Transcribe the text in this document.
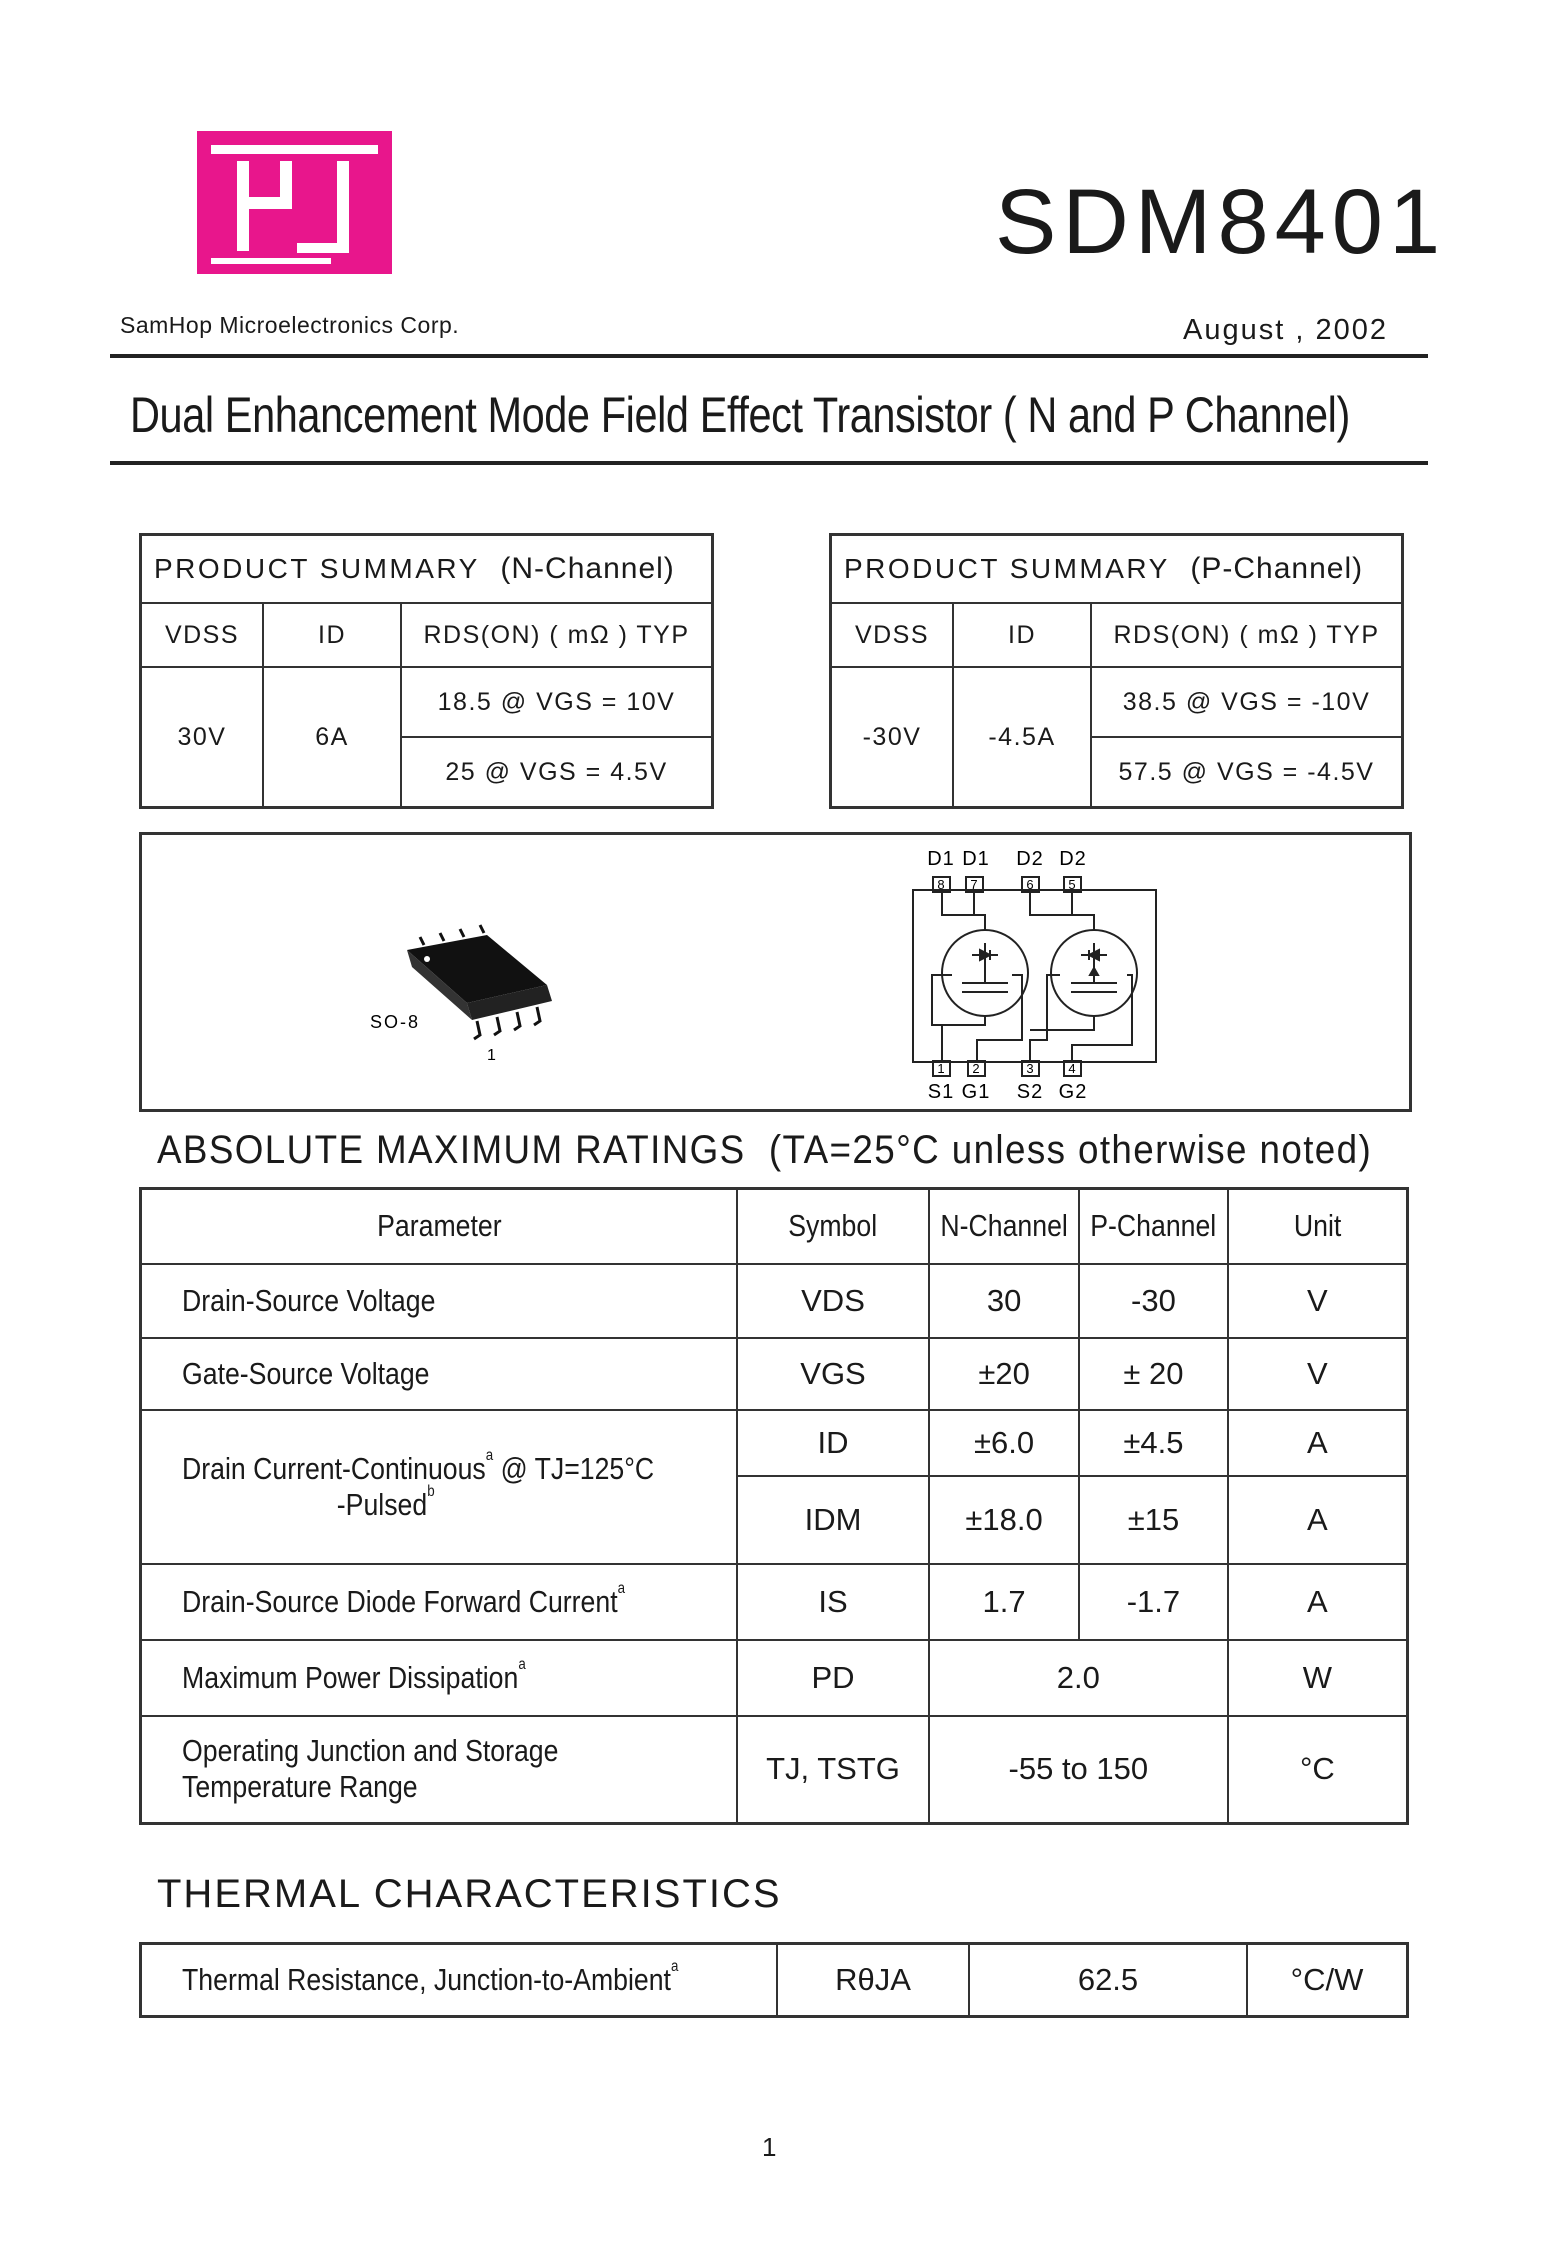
SamHop Microelectronics Corp.
SDM8401
August , 2002
Dual Enhancement Mode Field Effect Transistor ( N and P Channel)
PRODUCT SUMMARY (N-Channel)		
VDSS	ID	RDS(ON) ( mΩ ) TYP
30V	6A	18.5 @ VGS = 10V
		25 @ VGS = 4.5V
PRODUCT SUMMARY (P-Channel)		
VDSS	ID	RDS(ON) ( mΩ ) TYP
-30V	-4.5A	38.5 @ VGS = -10V
		57.5 @ VGS = -4.5V
SO-8
1
D1 D1 D2 D2
S1 G1 S2 G2
8 7	6	5
1 2	3	4
ABSOLUTE MAXIMUM RATINGS (TA=25°C unless otherwise noted)
Parameter	Symbol	N-Channel	P-Channel	Unit
Drain-Source Voltage	VDS	30	-30	V
Gate-Source Voltage	VGS	±20	± 20	V
Drain Current-Continuous$^a$ @ TJ=125°C
-Pulsed$^b$	ID	±6.0	±4.5	A
	IDM	±18.0	±15	A
Drain-Source Diode Forward Current$^a$	IS	1.7	-1.7	A
Maximum Power Dissipation$^a$	PD	2.0		W
Operating Junction and Storage
Temperature Range	TJ, TSTG	-55 to 150		°C
THERMAL CHARACTERISTICS
Thermal Resistance, Junction-to-Ambient$^a$	RθJA	62.5	°C/W
1
